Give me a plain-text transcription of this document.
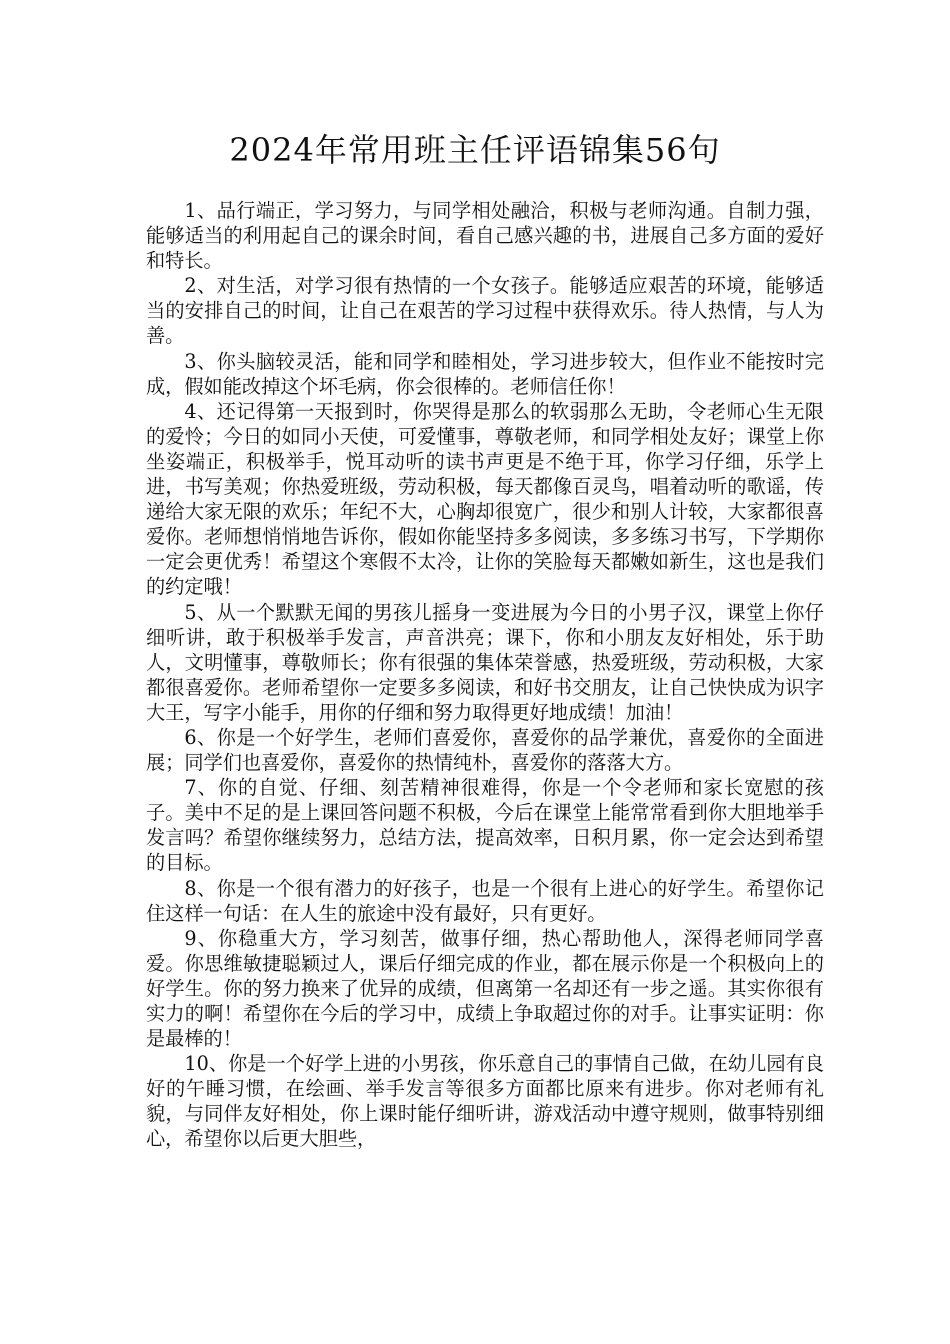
2024年常用班主任评语锦集56句

1、品行端正，学习努力，与同学相处融洽，积极与老师沟通。自制力强，能够适当的利用起自己的课余时间，看自己感兴趣的书，进展自己多方面的爱好和特长。

2、对生活，对学习很有热情的一个女孩子。能够适应艰苦的环境，能够适当的安排自己的时间，让自己在艰苦的学习过程中获得欢乐。待人热情，与人为善。

3、你头脑较灵活，能和同学和睦相处，学习进步较大，但作业不能按时完成，假如能改掉这个坏毛病，你会很棒的。老师信任你！

4、还记得第一天报到时，你哭得是那么的软弱那么无助，令老师心生无限的爱怜；今日的如同小天使，可爱懂事，尊敬老师，和同学相处友好；课堂上你坐姿端正，积极举手，悦耳动听的读书声更是不绝于耳，你学习仔细，乐学上进，书写美观；你热爱班级，劳动积极，每天都像百灵鸟，唱着动听的歌谣，传递给大家无限的欢乐；年纪不大，心胸却很宽广，很少和别人计较，大家都很喜爱你。老师想悄悄地告诉你，假如你能坚持多多阅读，多多练习书写，下学期你一定会更优秀！希望这个寒假不太冷，让你的笑脸每天都嫩如新生，这也是我们的约定哦！

5、从一个默默无闻的男孩儿摇身一变进展为今日的小男子汉，课堂上你仔细听讲，敢于积极举手发言，声音洪亮；课下，你和小朋友友好相处，乐于助人，文明懂事，尊敬师长；你有很强的集体荣誉感，热爱班级，劳动积极，大家都很喜爱你。老师希望你一定要多多阅读，和好书交朋友，让自己快快成为识字大王，写字小能手，用你的仔细和努力取得更好地成绩！加油！

6、你是一个好学生，老师们喜爱你，喜爱你的品学兼优，喜爱你的全面进展；同学们也喜爱你，喜爱你的热情纯朴，喜爱你的落落大方。

7、你的自觉、仔细、刻苦精神很难得，你是一个令老师和家长宽慰的孩子。美中不足的是上课回答问题不积极，今后在课堂上能常常看到你大胆地举手发言吗？希望你继续努力，总结方法，提高效率，日积月累，你一定会达到希望的目标。

8、你是一个很有潜力的好孩子，也是一个很有上进心的好学生。希望你记住这样一句话：在人生的旅途中没有最好，只有更好。

9、你稳重大方，学习刻苦，做事仔细，热心帮助他人，深得老师同学喜爱。你思维敏捷聪颖过人，课后仔细完成的作业，都在展示你是一个积极向上的好学生。你的努力换来了优异的成绩，但离第一名却还有一步之遥。其实你很有实力的啊！希望你在今后的学习中，成绩上争取超过你的对手。让事实证明：你是最棒的！

10、你是一个好学上进的小男孩，你乐意自己的事情自己做，在幼儿园有良好的午睡习惯，在绘画、举手发言等很多方面都比原来有进步。你对老师有礼貌，与同伴友好相处，你上课时能仔细听讲，游戏活动中遵守规则，做事特别细心，希望你以后更大胆些，
